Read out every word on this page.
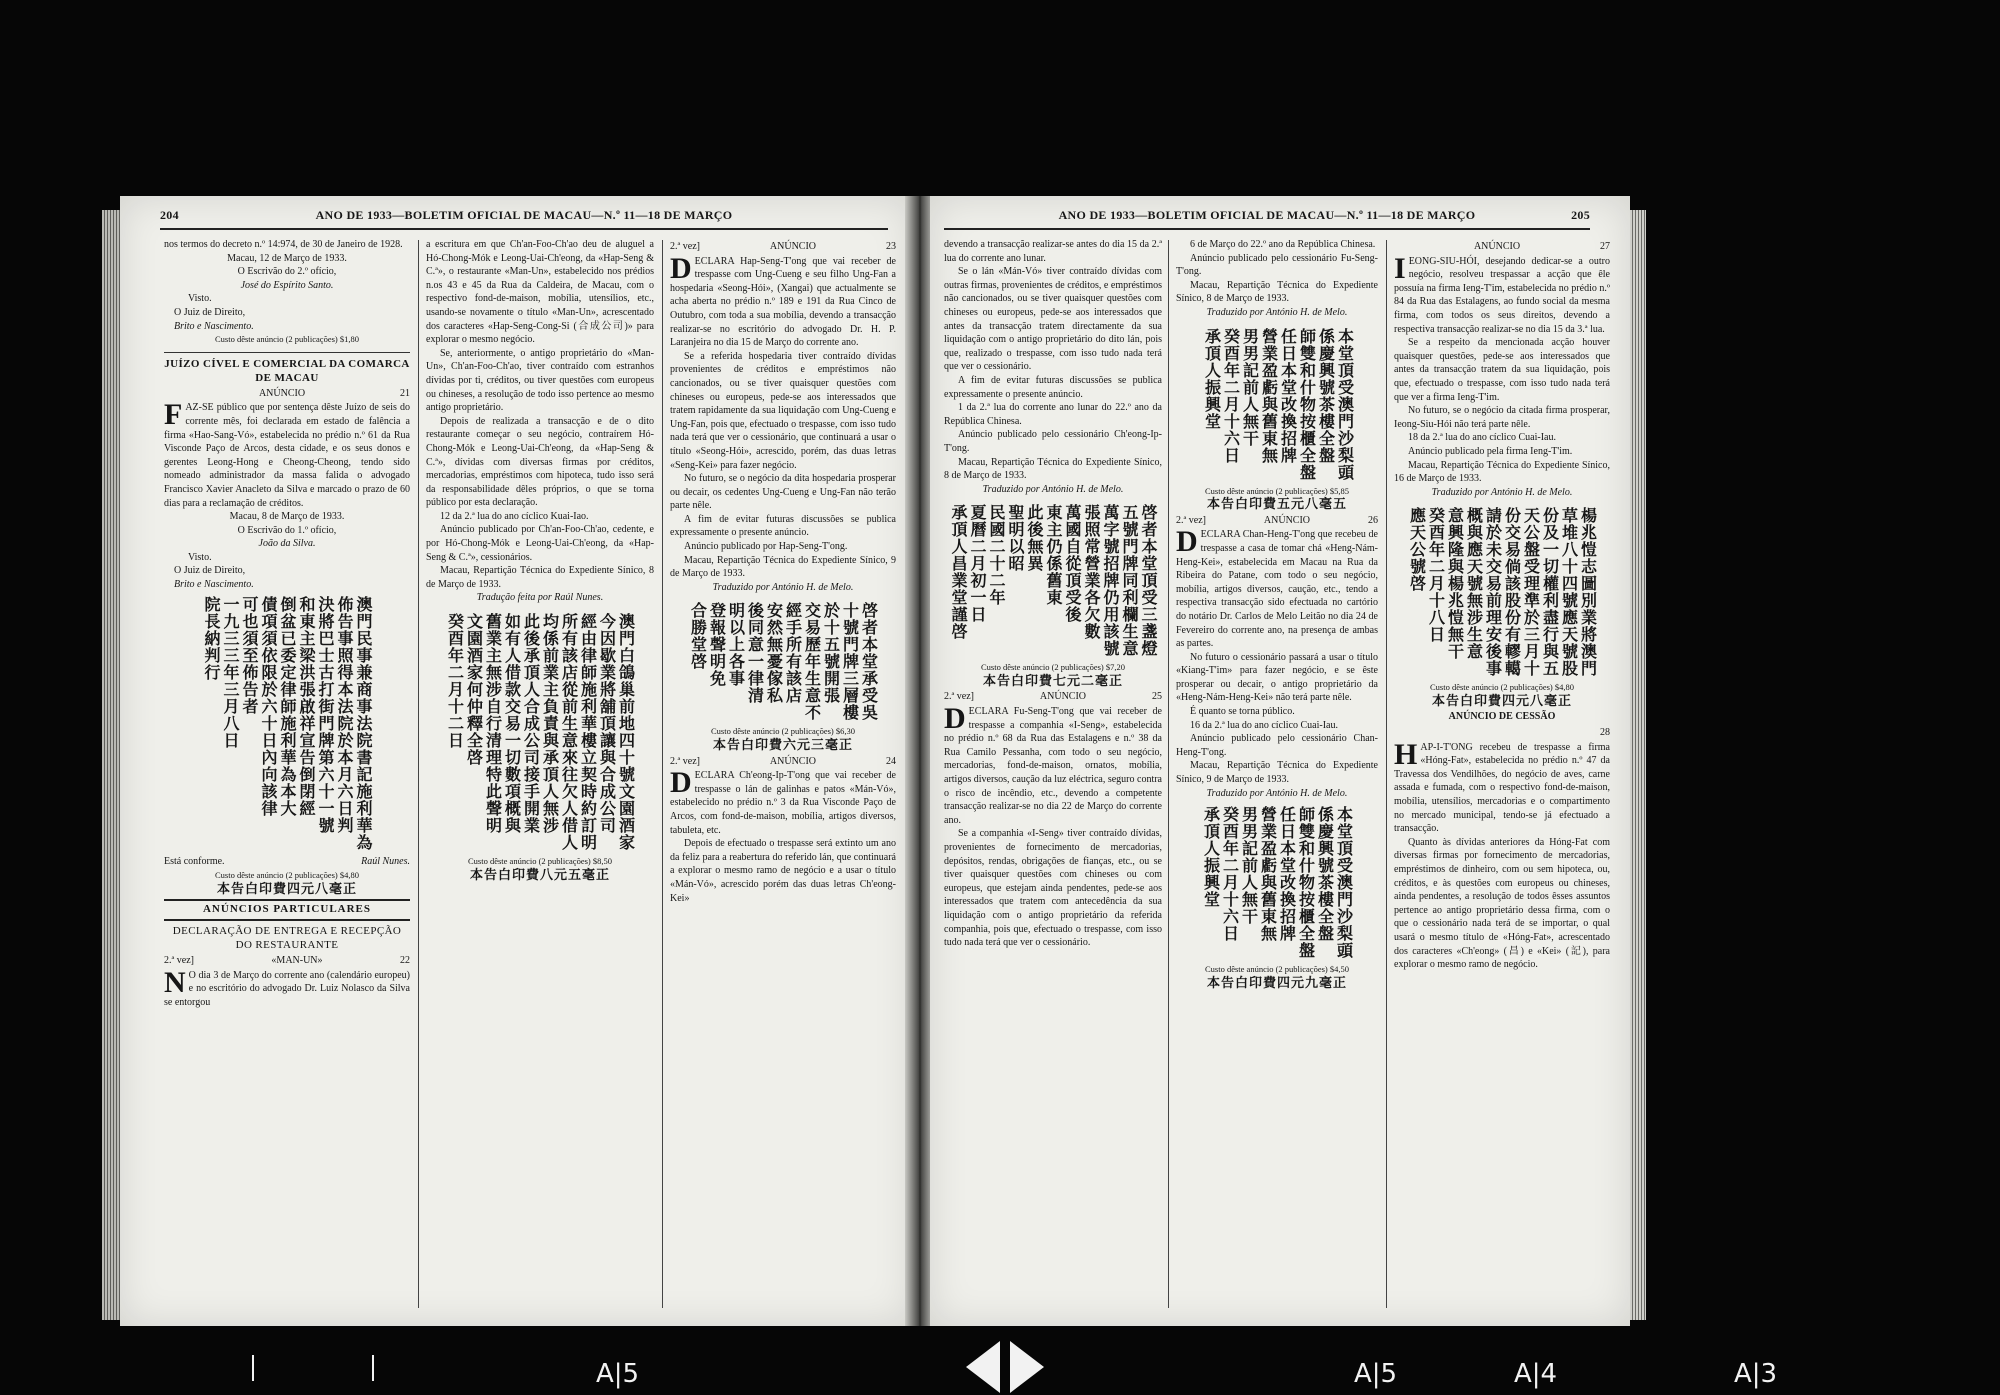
204	ANO DE 1933—BOLETIM OFICIAL DE MACAU—N.º 11—18 DE MARÇO

nos termos do decreto n.º 14:974, de 30 de Janeiro de 1928.

Macau, 12 de Março de 1933.

O Escrivão do 2.º ofício,

José do Espírito Santo.

Visto.

O Juiz de Direito,

Brito e Nascimento.

Custo dêste anúncio (2 publicações) $1,80

JUÍZO CÍVEL E COMERCIAL DA COMARCA DE MACAU

ANÚNCIO	21

FAZ-SE público que por sentença dêste Juízo de seis do corrente mês, foi declarada em estado de falência a firma «Hao-Sang-Vó», estabelecida no prédio n.º 61 da Rua Visconde Paço de Arcos, desta cidade, e os seus donos e gerentes Leong-Hong e Cheong-Cheong, tendo sido nomeado administrador da massa falida o advogado Francisco Xavier Anacleto da Silva e marcado o prazo de 60 dias para a reclamação de créditos.

Macau, 8 de Março de 1933.

O Escrivão do 1.º ofício,

João da Silva.

Visto.

O Juiz de Direito,

Brito e Nascimento.

澳門民事兼商事法院書記施利華為
佈告事照得本法院於本月六日判
決將巴士古打街門牌第六十一號
和東主梁洪張啟祥宣告倒閉經
倒盆已委定律師施利華為本大
債項須依限於六十日內向該律
可也須至佈告者
一九三三年三月八日
院長納判行
Está conforme.	Raúl Nunes.

Custo dêste anúncio (2 publicações) $4,80

本告白印費四元八毫正

ANÚNCIOS PARTICULARES

DECLARAÇÃO DE ENTREGA E RECEPÇÃO DO RESTAURANTE

2.ª vez]	«MAN-UN»	22

N O dia 3 de Março do corrente ano (calendário europeu) e no escritório do advogado Dr. Luiz Nolasco da Silva se entorgou

a escritura em que Ch'an-Foo-Ch'ao deu de aluguel a Hó-Chong-Mók e Leong-Uai-Ch'eong, da «Hap-Seng & C.ª», o restaurante «Man-Un», estabelecido nos prédios n.os 43 e 45 da Rua da Caldeira, de Macau, com o respectivo fond-de-maison, mobília, utensílios, etc., usando-se novamente o título «Man-Un», acrescentado dos caracteres «Hap-Seng-Cong-Si (合成公司)» para explorar o mesmo negócio.

Se, anteriormente, o antigo proprietário do «Man-Un», Ch'an-Foo-Ch'ao, tiver contraído com estranhos dívidas por ti, créditos, ou tiver questões com europeus ou chineses, a resolução de todo isso pertence ao mesmo antigo proprietário.

Depois de realizada a transacção e de o dito restaurante começar o seu negócio, contraírem Hó-Chong-Mók e Leong-Uai-Ch'eong, da «Hap-Seng & C.ª», dívidas com diversas firmas por créditos, mercadorias, empréstimos com hipoteca, tudo isso será da responsabilidade dêles próprios, o que se torna público por esta declaração.

12 da 2.ª lua do ano cíclico Kuai-Iao.

Anúncio publicado por Ch'an-Foo-Ch'ao, cedente, e por Hó-Chong-Mók e Leong-Uai-Ch'eong, da «Hap-Seng & C.ª», cessionários.

Macau, Repartição Técnica do Expediente Sínico, 8 de Março de 1933.

Tradução feita por Raúl Nunes.

澳門白鴿巢前地四十號文園酒家
今因歇業將舖頂讓與合成公司
經由律師施利華樓立契時約訂明
所有該店從前生意來往欠人借人
均係前業主負責與承頂人無涉
此後承頂人合成公司接手開業
如有人借款交易一切數項概與
舊業主無涉自行清理特此聲明
文園酒家何仲釋全啓
癸酉年二月十二日

Custo dêste anúncio (2 publicações) $8,50

本告白印費八元五毫正

2.ª vez]	ANÚNCIO	23

DECLARA Hap-Seng-T'ong que vai receber de trespasse com Ung-Cueng e seu filho Ung-Fan a hospedaria «Seong-Hói», (Xangai) que actualmente se acha aberta no prédio n.º 189 e 191 da Rua Cinco de Outubro, com toda a sua mobília, devendo a transacção realizar-se no escritório do advogado Dr. H. P. Laranjeira no dia 15 de Março do corrente ano.

Se a referida hospedaria tiver contraído dívidas provenientes de créditos e empréstimos não cancionados, ou se tiver quaisquer questões com chineses ou europeus, pede-se aos interessados que tratem rapidamente da sua liquidação com Ung-Cueng e Ung-Fan, pois que, efectuado o trespasse, com isso tudo nada terá que ver o cessionário, que continuará a usar o título «Seong-Hói», acrescido, porém, das duas letras «Seng-Kei» para fazer negócio.

No futuro, se o negócio da dita hospedaria prosperar ou decair, os cedentes Ung-Cueng e Ung-Fan não terão parte nêle.

A fim de evitar futuras discussões se publica expressamente o presente anúncio.

Anúncio publicado por Hap-Seng-T'ong.

Macau, Repartição Técnica do Expediente Sínico, 9 de Março de 1933.

Traduzido por António H. de Melo.

啓者本堂承受吳
十號門牌三層樓
於十五號開張
交易歷年生意不
經手所有該店
安然無憂傢私
後同意一律清
明以上各事
登報聲明免
合勝堂啓

Custo dêste anúncio (2 publicações) $6,30

本告白印費六元三毫正

2.ª vez]	ANÚNCIO	24

DECLARA Ch'eong-Ip-T'ong que vai receber de trespasse o lán de galinhas e patos «Mán-Vó», estabelecido no prédio n.º 3 da Rua Visconde Paço de Arcos, com fond-de-maison, mobília, artigos diversos, tabuleta, etc.

Depois de efectuado o trespasse será extinto um ano da feliz para a reabertura do referido lán, que continuará a explorar o mesmo ramo de negócio e a usar o título «Mán-Vó», acrescido porém das duas letras Ch'eong-Kei»

ANO DE 1933—BOLETIM OFICIAL DE MACAU—N.º 11—18 DE MARÇO	205

devendo a transacção realizar-se antes do dia 15 da 2.ª lua do corrente ano lunar.

Se o lán «Mán-Vó» tiver contraído dívidas com outras firmas, provenientes de créditos, e empréstimos não cancionados, ou se tiver quaisquer questões com chineses ou europeus, pede-se aos interessados que antes da transacção tratem directamente da sua liquidação com o antigo proprietário do dito lán, pois que, realizado o trespasse, com isso tudo nada terá que ver o cessionário.

A fim de evitar futuras discussões se publica expressamente o presente anúncio.

1 da 2.ª lua do corrente ano lunar do 22.º ano da República Chinesa.

Anúncio publicado pelo cessionário Ch'eong-Ip-T'ong.

Macau, Repartição Técnica do Expediente Sínico, 8 de Março de 1933.

Traduzido por António H. de Melo.

啓者本堂頂受三盞燈
五號門牌同利欄生意
萬字號招牌仍用該號
張照常營業各欠數
萬國自從頂受後
東主仍係舊東
此後無異
聖明以昭
民國二十二年
夏曆二月初一日
承頂人昌業堂謹啓

Custo dêste anúncio (2 publicações) $7,20

本告白印費七元二毫正

2.ª vez]	ANÚNCIO	25

DECLARA Fu-Seng-T'ong que vai receber de trespasse a companhia «I-Seng», estabelecida no prédio n.º 68 da Rua das Estalagens e n.º 38 da Rua Camilo Pessanha, com todo o seu negócio, mercadorias, fond-de-maison, ornatos, mobília, artigos diversos, caução da luz eléctrica, seguro contra o risco de incêndio, etc., devendo a competente transacção realizar-se no dia 22 de Março do corrente ano.

Se a companhia «I-Seng» tiver contraído dívidas, provenientes de fornecimento de mercadorias, depósitos, rendas, obrigações de fianças, etc., ou se tiver quaisquer questões com chineses ou com europeus, que estejam ainda pendentes, pede-se aos interessados que tratem com antecedência da sua liquidação com o antigo proprietário da referida companhia, pois que, efectuado o trespasse, com isso tudo nada terá que ver o cessionário.

6 de Março do 22.º ano da República Chinesa.

Anúncio publicado pelo cessionário Fu-Seng-T'ong.

Macau, Repartição Técnica do Expediente Sínico, 8 de Março de 1933.

Traduzido por António H. de Melo.

本堂頂受澳門沙梨頭
係慶興號茶樓全盤
師雙和什物按櫃全盤
任日本堂改換招牌
營業盈虧與舊東無
男男記前人無干
癸酉年二月十六日
承頂人振興堂

Custo dêste anúncio (2 publicações) $5,85

本告白印費五元八毫五

2.ª vez]	ANÚNCIO	26

DECLARA Chan-Heng-T'ong que recebeu de trespasse a casa de tomar chá «Heng-Nám-Heng-Kei», estabelecida em Macau na Rua da Ribeira do Patane, com todo o seu negócio, mobília, artigos diversos, caução, etc., tendo a respectiva transacção sido efectuada no cartório do notário Dr. Carlos de Melo Leitão no dia 24 de Fevereiro do corrente ano, na presença de ambas as partes.

No futuro o cessionário passará a usar o título «Kiang-T'im» para fazer negócio, e se êste prosperar ou decair, o antigo proprietário da «Heng-Nám-Heng-Kei» não terá parte nêle.

É quanto se torna público.

16 da 2.ª lua do ano cíclico Cuai-Iau.

Anúncio publicado pelo cessionário Chan-Heng-T'ong.

Macau, Repartição Técnica do Expediente Sínico, 9 de Março de 1933.

Traduzido por António H. de Melo.

本堂頂受澳門沙梨頭
係慶興號茶樓全盤
師雙和什物按櫃全盤
任日本堂改換招牌
營業盈虧與舊東無
男男記前人無干
癸酉年二月十六日
承頂人振興堂

Custo dêste anúncio (2 publicações) $4,50

本告白印費四元九毫正

ANÚNCIO	27

IEONG-SIU-HÓI, desejando dedicar-se a outro negócio, resolveu trespassar a acção que êle possuía na firma Ieng-T'im, estabelecida no prédio n.º 84 da Rua das Estalagens, ao fundo social da mesma firma, com todos os seus direitos, devendo a respectiva transacção realizar-se no dia 15 da 3.ª lua.

Se a respeito da mencionada acção houver quaisquer questões, pede-se aos interessados que antes da transacção tratem da sua liquidação, pois que, efectuado o trespasse, com isso tudo nada terá que ver a firma Ieng-T'im.

No futuro, se o negócio da citada firma prosperar, Ieong-Siu-Hói não terá parte nêle.

18 da 2.ª lua do ano cíclico Cuai-Iau.

Anúncio publicado pela firma Ieng-T'im.

Macau, Repartição Técnica do Expediente Sínico, 16 de Março de 1933.

Traduzido por António H. de Melo.

楊兆愷志圖別業將澳門
草堆八十四號應天號股
份及一切權利盡行與五
天公盤受理準於三月十
份交易倘該股份有轇轕
請於未交易前理安後事
概與應天號無涉生意
意興隆與楊兆愷無干
癸酉年二月十八日
應天公號啓

Custo dêste anúncio (2 publicações) $4,80

本告白印費四元八毫正

ANÚNCIO DE CESSÃO
28

HAP-I-T'ONG recebeu de trespasse a firma «Hóng-Fat», estabelecida no prédio n.º 47 da Travessa dos Vendilhões, do negócio de aves, carne assada e fumada, com o respectivo fond-de-maison, mobília, utensílios, mercadorias e o compartimento no mercado municipal, tendo-se já efectuado a transacção.

Quanto às dívidas anteriores da Hóng-Fat com diversas firmas por fornecimento de mercadorias, empréstimos de dinheiro, com ou sem hipoteca, ou, créditos, e às questões com europeus ou chineses, ainda pendentes, a resolução de todos êsses assuntos pertence ao antigo proprietário dessa firma, com o que o cessionário nada terá de se importar, o qual usará o mesmo título de «Hóng-Fat», acrescentado dos caracteres «Ch'eong» (昌) e «Kei» (記), para explorar o mesmo ramo de negócio.

A|5	A|5	A|4	A|3
